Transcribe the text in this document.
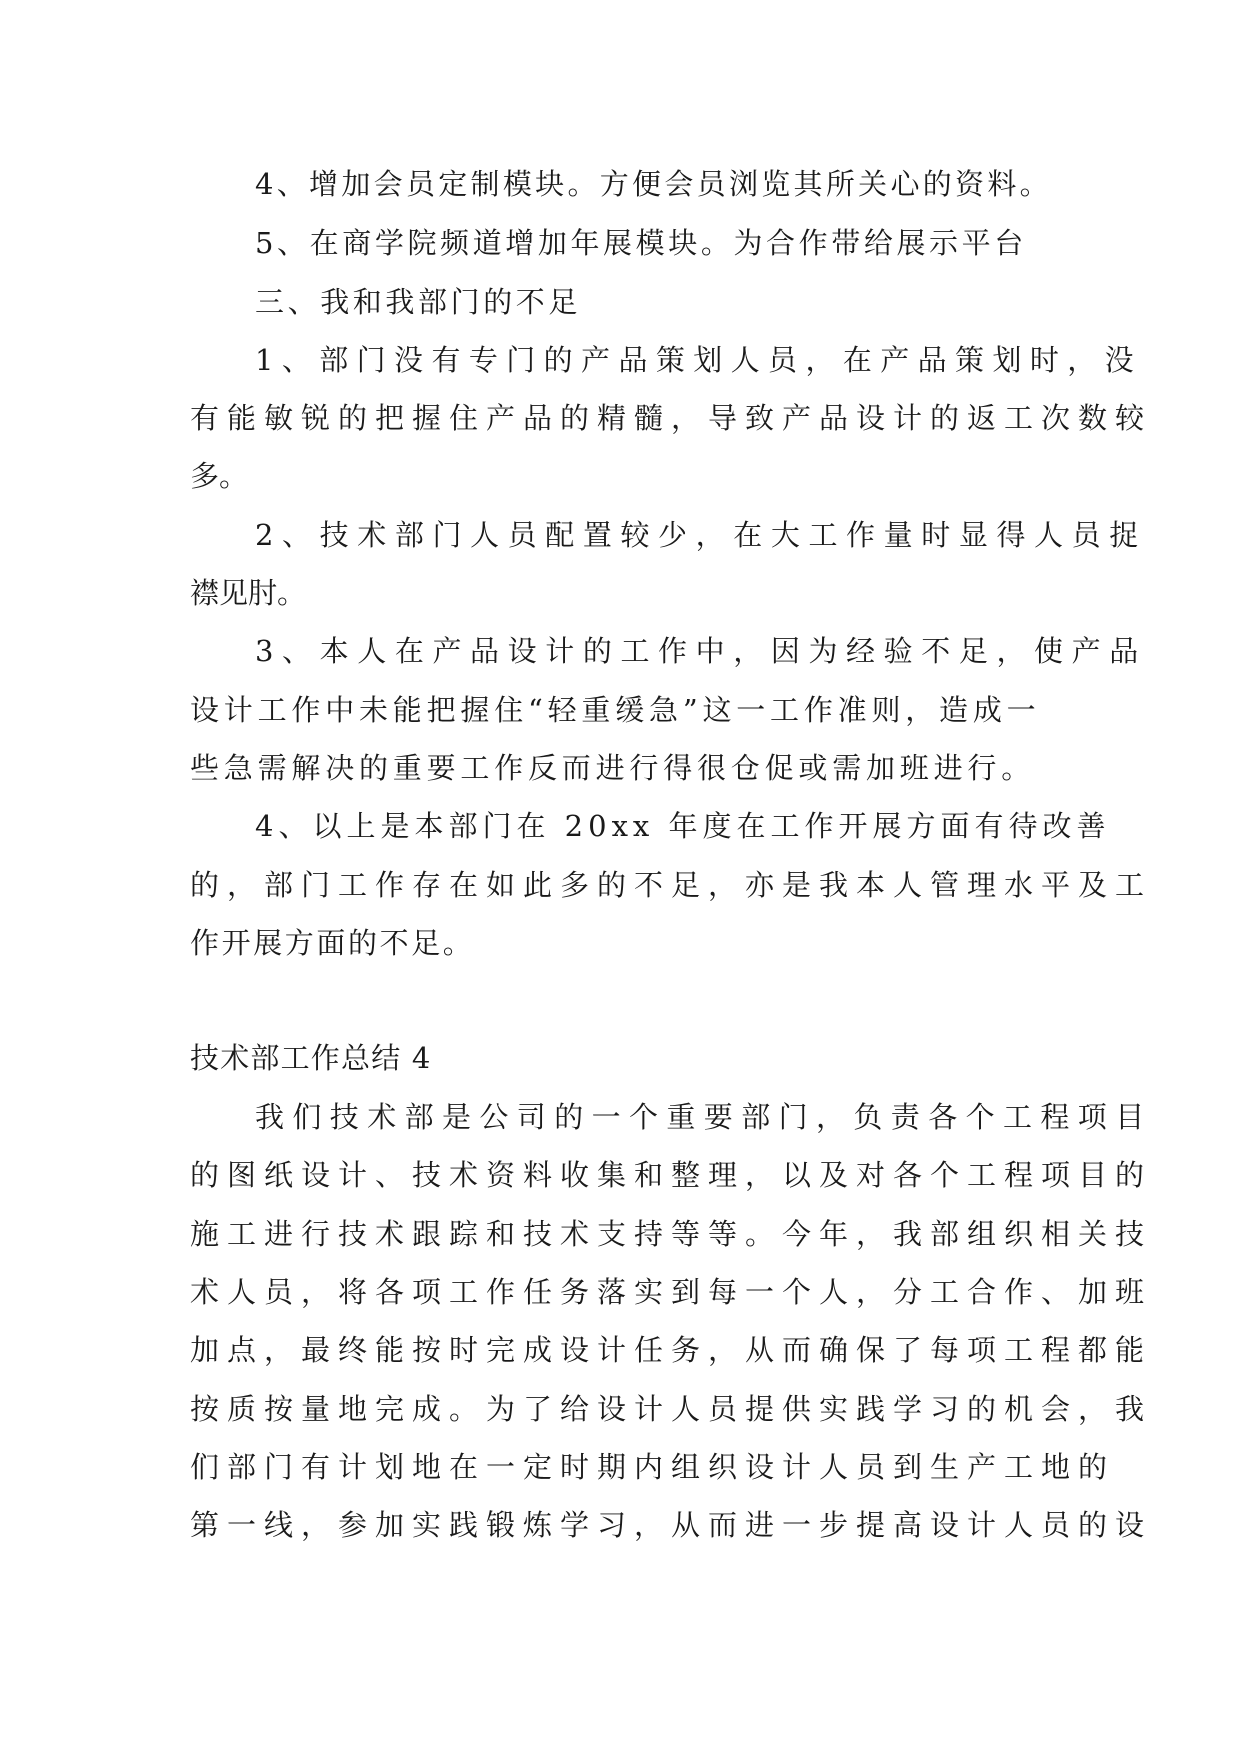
4、增加会员定制模块。方便会员浏览其所关心的资料。
5、在商学院频道增加年展模块。为合作带给展示平台
三、我和我部门的不足
1、部门没有专门的产品策划人员，在产品策划时，没
有能敏锐的把握住产品的精髓，导致产品设计的返工次数较
多。
2、技术部门人员配置较少，在大工作量时显得人员捉
襟见肘。
3、本人在产品设计的工作中，因为经验不足，使产品
设计工作中未能把握住“轻重缓急”这一工作准则，造成一
些急需解决的重要工作反而进行得很仓促或需加班进行。
4、以上是本部门在 20xx 年度在工作开展方面有待改善
的，部门工作存在如此多的不足，亦是我本人管理水平及工
作开展方面的不足。
技术部工作总结 4
我们技术部是公司的一个重要部门，负责各个工程项目
的图纸设计、技术资料收集和整理，以及对各个工程项目的
施工进行技术跟踪和技术支持等等。今年，我部组织相关技
术人员，将各项工作任务落实到每一个人，分工合作、加班
加点，最终能按时完成设计任务，从而确保了每项工程都能
按质按量地完成。为了给设计人员提供实践学习的机会，我
们部门有计划地在一定时期内组织设计人员到生产工地的
第一线，参加实践锻炼学习，从而进一步提高设计人员的设
